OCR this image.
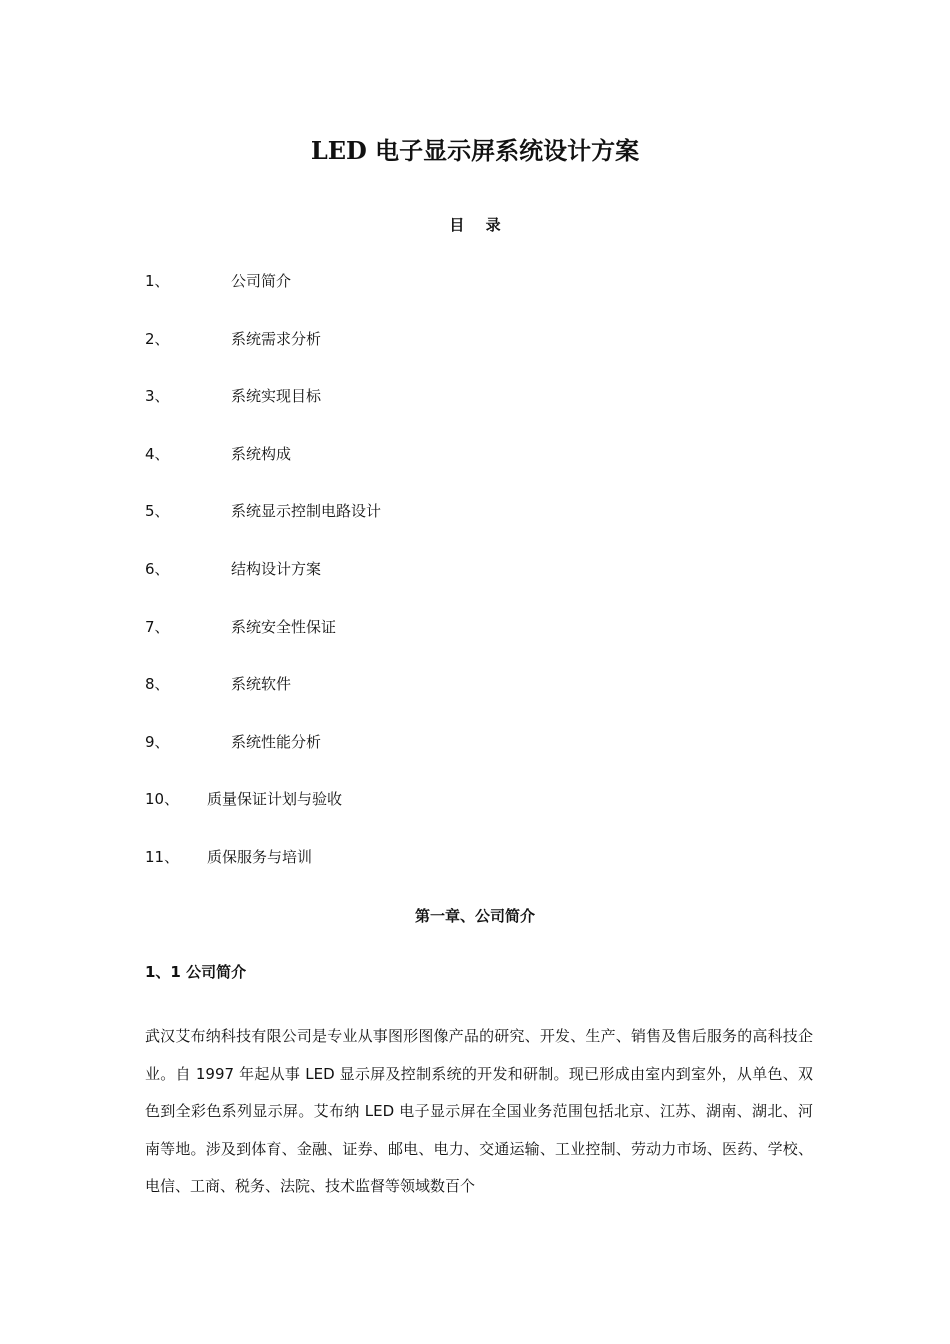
LED 电子显示屏系统设计方案
目 录
1、	公司简介
2、	系统需求分析
3、	系统实现目标
4、	系统构成
5、	系统显示控制电路设计
6、	结构设计方案
7、	系统安全性保证
8、	系统软件
9、	系统性能分析
10、 质量保证计划与验收
11、 质保服务与培训
第一章、公司简介
1、1 公司简介

武汉艾布纳科技有限公司是专业从事图形图像产品的研究、开发、生产、销售及售后服务的高科技企业。自 1997 年起从事 LED 显示屏及控制系统的开发和研制。现已形成由室内到室外，从单色、双色到全彩色系列显示屏。艾布纳 LED 电子显示屏在全国业务范围包括北京、江苏、湖南、湖北、河南等地。涉及到体育、金融、证券、邮电、电力、交通运输、工业控制、劳动力市场、医药、学校、电信、工商、税务、法院、技术监督等领域数百个
